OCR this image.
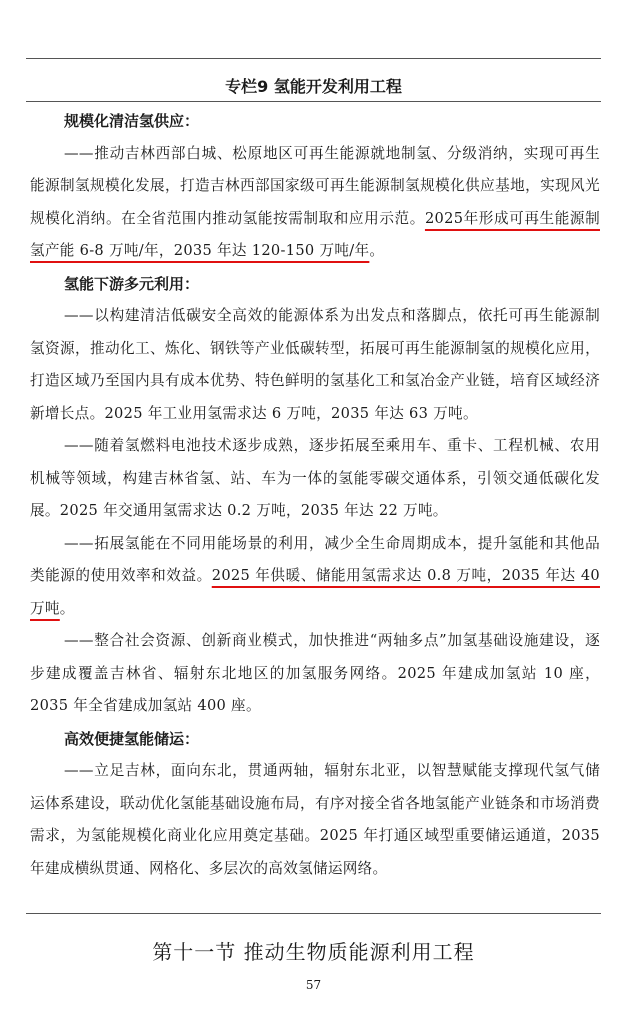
专栏9 氢能开发利用工程
规模化清洁氢供应：

——推动吉林西部白城、松原地区可再生能源就地制氢、分级消纳，实现可再生能源制氢规模化发展，打造吉林西部国家级可再生能源制氢规模化供应基地，实现风光规模化消纳。在全省范围内推动氢能按需制取和应用示范。2025年形成可再生能源制氢产能 6-8 万吨/年，2035 年达 120-150 万吨/年。

氢能下游多元利用：

——以构建清洁低碳安全高效的能源体系为出发点和落脚点，依托可再生能源制氢资源，推动化工、炼化、钢铁等产业低碳转型，拓展可再生能源制氢的规模化应用，打造区域乃至国内具有成本优势、特色鲜明的氢基化工和氢冶金产业链，培育区域经济新增长点。2025 年工业用氢需求达 6 万吨，2035 年达 63 万吨。

——随着氢燃料电池技术逐步成熟，逐步拓展至乘用车、重卡、工程机械、农用机械等领域，构建吉林省氢、站、车为一体的氢能零碳交通体系，引领交通低碳化发展。2025 年交通用氢需求达 0.2 万吨，2035 年达 22 万吨。

——拓展氢能在不同用能场景的利用，减少全生命周期成本，提升氢能和其他品类能源的使用效率和效益。2025 年供暖、储能用氢需求达 0.8 万吨，2035 年达 40 万吨。

——整合社会资源、创新商业模式，加快推进“两轴多点”加氢基础设施建设，逐步建成覆盖吉林省、辐射东北地区的加氢服务网络。2025 年建成加氢站 10 座，2035 年全省建成加氢站 400 座。

高效便捷氢能储运：

——立足吉林，面向东北，贯通两轴，辐射东北亚，以智慧赋能支撑现代氢气储运体系建设，联动优化氢能基础设施布局，有序对接全省各地氢能产业链条和市场消费需求，为氢能规模化商业化应用奠定基础。2025 年打通区域型重要储运通道，2035 年建成横纵贯通、网格化、多层次的高效氢储运网络。

第十一节 推动生物质能源利用工程
57
